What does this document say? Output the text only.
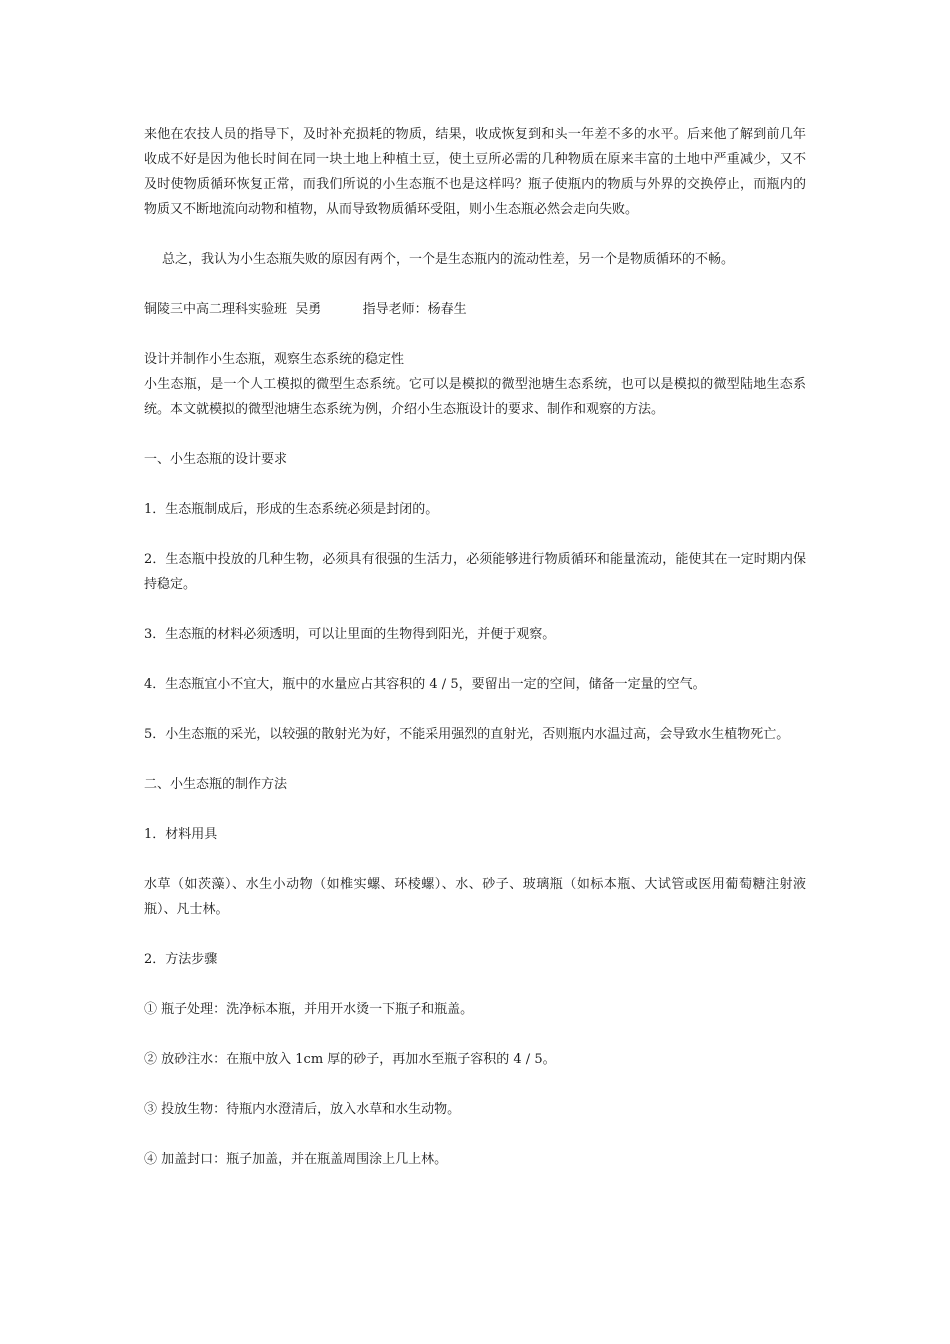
来他在农技人员的指导下，及时补充损耗的物质，结果，收成恢复到和头一年差不多的水平。后来他了解到前几年收成不好是因为他长时间在同一块土地上种植土豆，使土豆所必需的几种物质在原来丰富的土地中严重减少，又不及时使物质循环恢复正常，而我们所说的小生态瓶不也是这样吗？瓶子使瓶内的物质与外界的交换停止，而瓶内的物质又不断地流向动物和植物，从而导致物质循环受阻，则小生态瓶必然会走向失败。

总之，我认为小生态瓶失败的原因有两个，一个是生态瓶内的流动性差，另一个是物质循环的不畅。

铜陵三中高二理科实验班  吴勇	指导老师：杨春生

设计并制作小生态瓶，观察生态系统的稳定性

小生态瓶，是一个人工模拟的微型生态系统。它可以是模拟的微型池塘生态系统，也可以是模拟的微型陆地生态系统。本文就模拟的微型池塘生态系统为例，介绍小生态瓶设计的要求、制作和观察的方法。

一、小生态瓶的设计要求

1．生态瓶制成后，形成的生态系统必须是封闭的。

2．生态瓶中投放的几种生物，必须具有很强的生活力，必须能够进行物质循环和能量流动，能使其在一定时期内保持稳定。

3．生态瓶的材料必须透明，可以让里面的生物得到阳光，并便于观察。

4．生态瓶宜小不宜大，瓶中的水量应占其容积的 4 / 5，要留出一定的空间，储备一定量的空气。

5．小生态瓶的采光，以较强的散射光为好，不能采用强烈的直射光，否则瓶内水温过高，会导致水生植物死亡。

二、小生态瓶的制作方法

1．材料用具

水草（如茨藻）、水生小动物（如椎实螺、环棱螺）、水、砂子、玻璃瓶（如标本瓶、大试管或医用葡萄糖注射液瓶）、凡士林。

2．方法步骤

① 瓶子处理：洗净标本瓶，并用开水烫一下瓶子和瓶盖。

② 放砂注水：在瓶中放入 1cm 厚的砂子，再加水至瓶子容积的 4 / 5。

③ 投放生物：待瓶内水澄清后，放入水草和水生动物。

④ 加盖封口：瓶子加盖，并在瓶盖周围涂上几上林。
